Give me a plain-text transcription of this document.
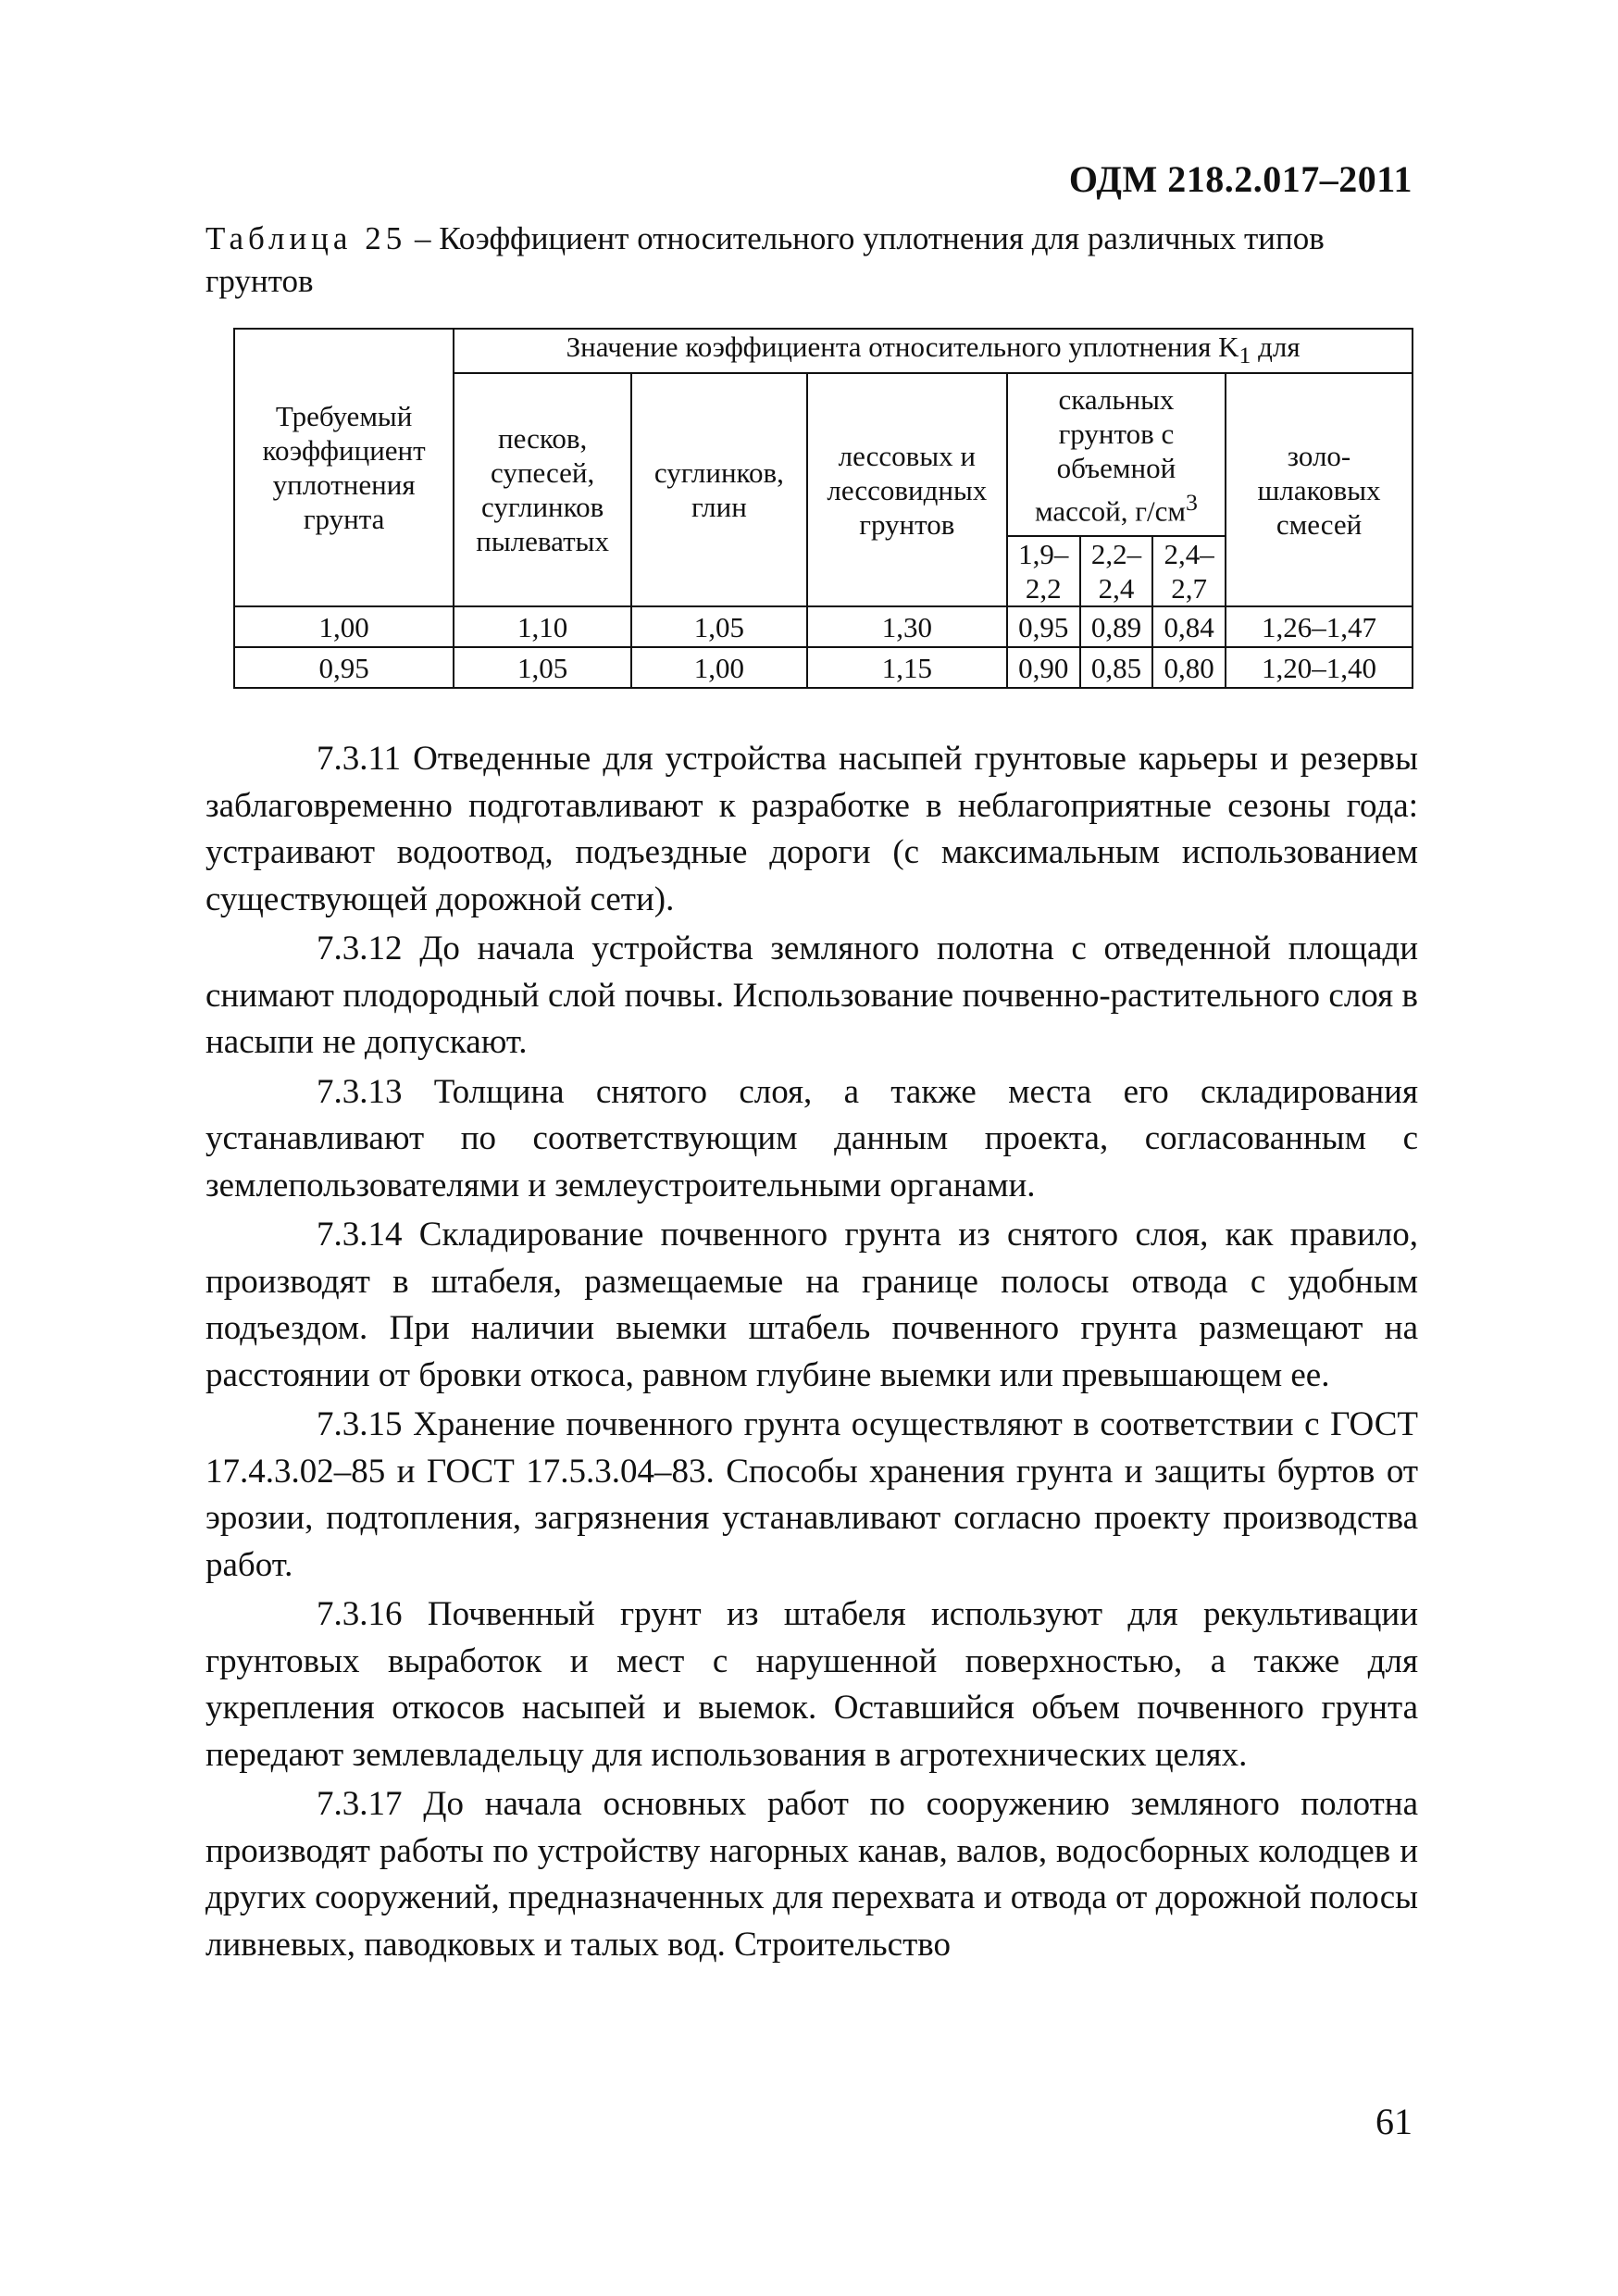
ОДМ 218.2.017–2011
Таблица 25 – Коэффициент относительного уплотнения для различных типов грунтов
Требуемый коэффициент уплотнения грунта	Значение коэффициента относительного уплотнения $K_1$ для						
	песков, супесей, суглинков пылеватых	суглинков, глин	лессовых и лессовидных грунтов	скальных грунтов с объемной массой, $г/см^3$			золо-шлаковых смесей
				1,9–2,2	2,2–2,4	2,4–2,7	

1,00	1,10	1,05	1,30	0,95	0,89	0,84	1,26–1,47
0,95	1,05	1,00	1,15	0,90	0,85	0,80	1,20–1,40

7.3.11 Отведенные для устройства насыпей грунтовые карьеры и резервы заблаговременно подготавливают к разработке в неблагоприятные сезоны года: устраивают водоотвод, подъездные дороги (с максимальным использованием существующей дорожной сети).

7.3.12 До начала устройства земляного полотна с отведенной площади снимают плодородный слой почвы. Использование почвенно-растительного слоя в насыпи не допускают.

7.3.13 Толщина снятого слоя, а также места его складирования устанавливают по соответствующим данным проекта, согласованным с землепользователями и землеустроительными органами.

7.3.14 Складирование почвенного грунта из снятого слоя, как правило, производят в штабеля, размещаемые на границе полосы отвода с удобным подъездом. При наличии выемки штабель почвенного грунта размещают на расстоянии от бровки откоса, равном глубине выемки или превышающем ее.

7.3.15 Хранение почвенного грунта осуществляют в соответствии с ГОСТ 17.4.3.02–85 и ГОСТ 17.5.3.04–83. Способы хранения грунта и защиты буртов от эрозии, подтопления, загрязнения устанавливают согласно проекту производства работ.

7.3.16 Почвенный грунт из штабеля используют для рекультивации грунтовых выработок и мест с нарушенной поверхностью, а также для укрепления откосов насыпей и выемок. Оставшийся объем почвенного грунта передают землевладельцу для использования в агротехнических целях.

7.3.17 До начала основных работ по сооружению земляного полотна производят работы по устройству нагорных канав, валов, водосборных колодцев и других сооружений, предназначенных для перехвата и отвода от дорожной полосы ливневых, паводковых и талых вод. Строительство

61
